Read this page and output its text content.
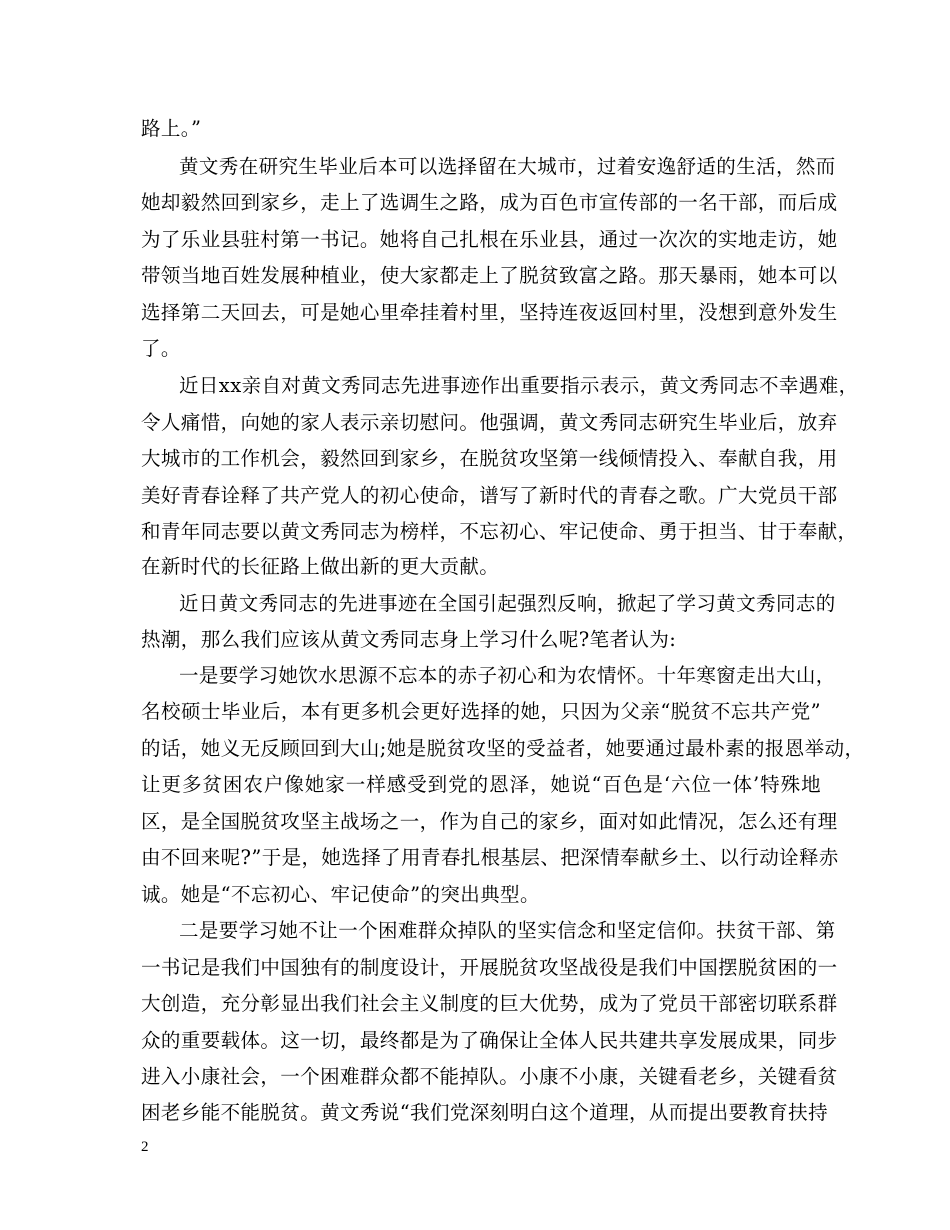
路上。”
黄文秀在研究生毕业后本可以选择留在大城市，过着安逸舒适的生活，然而
她却毅然回到家乡，走上了选调生之路，成为百色市宣传部的一名干部，而后成
为了乐业县驻村第一书记。她将自己扎根在乐业县，通过一次次的实地走访，她
带领当地百姓发展种植业，使大家都走上了脱贫致富之路。那天暴雨，她本可以
选择第二天回去，可是她心里牵挂着村里，坚持连夜返回村里，没想到意外发生
了。
近日xx亲自对黄文秀同志先进事迹作出重要指示表示，黄文秀同志不幸遇难，
令人痛惜，向她的家人表示亲切慰问。他强调，黄文秀同志研究生毕业后，放弃
大城市的工作机会，毅然回到家乡，在脱贫攻坚第一线倾情投入、奉献自我，用
美好青春诠释了共产党人的初心使命，谱写了新时代的青春之歌。广大党员干部
和青年同志要以黄文秀同志为榜样，不忘初心、牢记使命、勇于担当、甘于奉献，
在新时代的长征路上做出新的更大贡献。
近日黄文秀同志的先进事迹在全国引起强烈反响，掀起了学习黄文秀同志的
热潮，那么我们应该从黄文秀同志身上学习什么呢?笔者认为:
一是要学习她饮水思源不忘本的赤子初心和为农情怀。十年寒窗走出大山，
名校硕士毕业后，本有更多机会更好选择的她，只因为父亲“脱贫不忘共产党”
的话，她义无反顾回到大山;她是脱贫攻坚的受益者，她要通过最朴素的报恩举动，
让更多贫困农户像她家一样感受到党的恩泽，她说“百色是‘六位一体’特殊地
区，是全国脱贫攻坚主战场之一，作为自己的家乡，面对如此情况，怎么还有理
由不回来呢?”于是，她选择了用青春扎根基层、把深情奉献乡土、以行动诠释赤
诚。她是“不忘初心、牢记使命”的突出典型。
二是要学习她不让一个困难群众掉队的坚实信念和坚定信仰。扶贫干部、第
一书记是我们中国独有的制度设计，开展脱贫攻坚战役是我们中国摆脱贫困的一
大创造，充分彰显出我们社会主义制度的巨大优势，成为了党员干部密切联系群
众的重要载体。这一切，最终都是为了确保让全体人民共建共享发展成果，同步
进入小康社会，一个困难群众都不能掉队。小康不小康，关键看老乡，关键看贫
困老乡能不能脱贫。黄文秀说“我们党深刻明白这个道理，从而提出要教育扶持
2
